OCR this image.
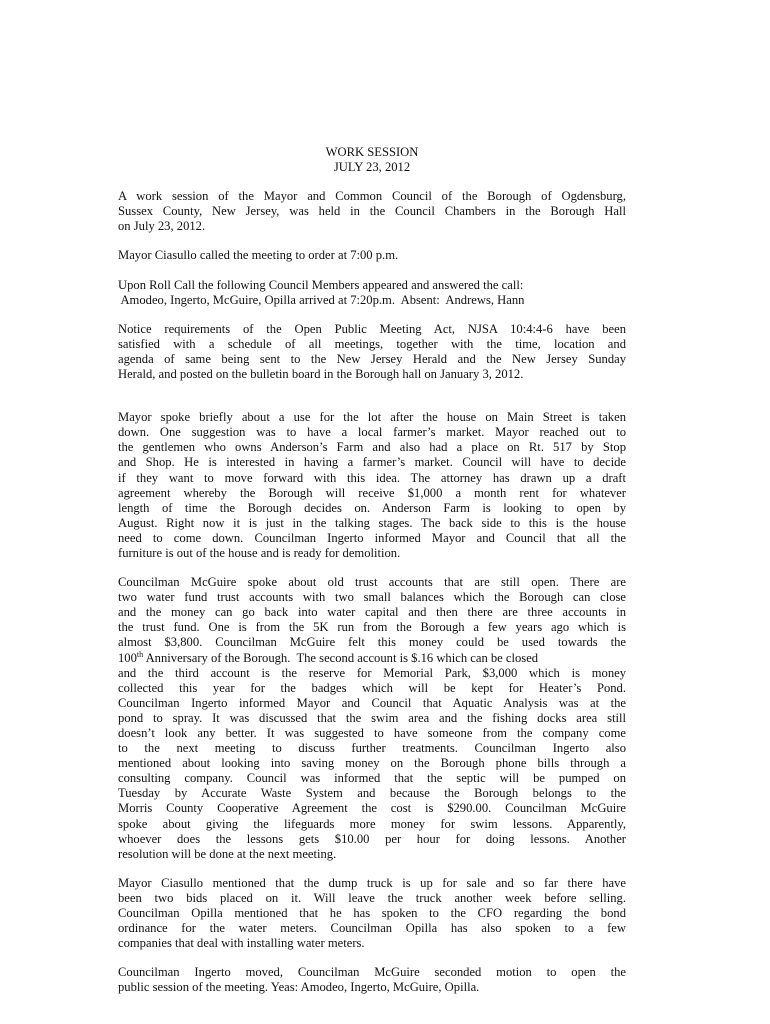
WORK SESSION
JULY 23, 2012
A work session of the Mayor and Common Council of the Borough of Ogdensburg,
Sussex County, New Jersey, was held in the Council Chambers in the Borough Hall
on July 23, 2012.
Mayor Ciasullo called the meeting to order at 7:00 p.m.
Upon Roll Call the following Council Members appeared and answered the call:
Amodeo, Ingerto, McGuire, Opilla arrived at 7:20p.m.  Absent:  Andrews, Hann
Notice requirements of the Open Public Meeting Act, NJSA 10:4:4-6 have been
satisfied with a schedule of all meetings, together with the time, location and
agenda of same being sent to the New Jersey Herald and the New Jersey Sunday
Herald, and posted on the bulletin board in the Borough hall on January 3, 2012.
Mayor spoke briefly about a use for the lot after the house on Main Street is taken
down. One suggestion was to have a local farmer’s market. Mayor reached out to
the gentlemen who owns Anderson’s Farm and also had a place on Rt. 517 by Stop
and Shop. He is interested in having a farmer’s market. Council will have to decide
if they want to move forward with this idea. The attorney has drawn up a draft
agreement whereby the Borough will receive $1,000 a month rent for whatever
length of time the Borough decides on. Anderson Farm is looking to open by
August. Right now it is just in the talking stages. The back side to this is the house
need to come down. Councilman Ingerto informed Mayor and Council that all the
furniture is out of the house and is ready for demolition.
Councilman McGuire spoke about old trust accounts that are still open. There are
two water fund trust accounts with two small balances which the Borough can close
and the money can go back into water capital and then there are three accounts in
the trust fund. One is from the 5K run from the Borough a few years ago which is
almost $3,800. Councilman McGuire felt this money could be used towards the
100th Anniversary of the Borough.  The second account is $.16 which can be closed
and the third account is the reserve for Memorial Park, $3,000 which is money
collected this year for the badges which will be kept for Heater’s Pond.
Councilman Ingerto informed Mayor and Council that Aquatic Analysis was at the
pond to spray. It was discussed that the swim area and the fishing docks area still
doesn’t look any better. It was suggested to have someone from the company come
to the next meeting to discuss further treatments. Councilman Ingerto also
mentioned about looking into saving money on the Borough phone bills through a
consulting company. Council was informed that the septic will be pumped on
Tuesday by Accurate Waste System and because the Borough belongs to the
Morris County Cooperative Agreement the cost is $290.00. Councilman McGuire
spoke about giving the lifeguards more money for swim lessons. Apparently,
whoever does the lessons gets $10.00 per hour for doing lessons. Another
resolution will be done at the next meeting.
Mayor Ciasullo mentioned that the dump truck is up for sale and so far there have
been two bids placed on it. Will leave the truck another week before selling.
Councilman Opilla mentioned that he has spoken to the CFO regarding the bond
ordinance for the water meters. Councilman Opilla has also spoken to a few
companies that deal with installing water meters.
Councilman Ingerto moved, Councilman McGuire seconded motion to open the
public session of the meeting. Yeas: Amodeo, Ingerto, McGuire, Opilla.
